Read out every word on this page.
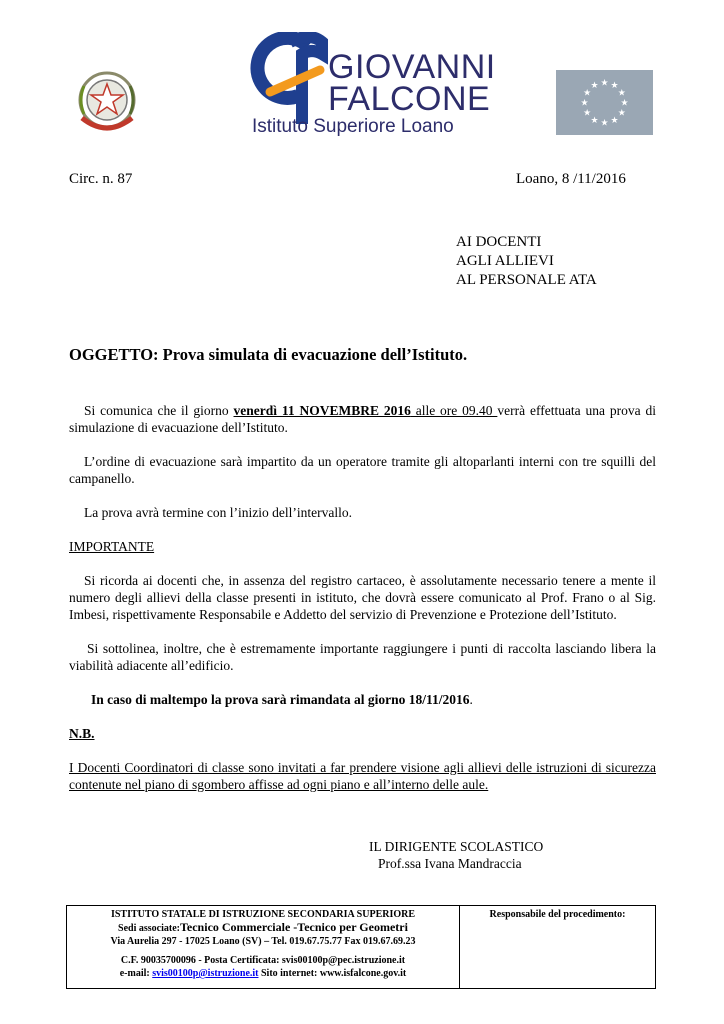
GIOVANNI
FALCONE
Istituto Superiore Loano
★
★
★
★
★
★
★
★
★ ★ ★
★
Circ. n. 87	Loano, 8 /11/2016
AI DOCENTI
AGLI ALLIEVI
AL PERSONALE ATA
OGGETTO: Prova simulata di evacuazione dell’Istituto.

Si comunica che il giorno venerdì 11 NOVEMBRE 2016 alle ore 09.40 verrà effettuata una prova di simulazione di evacuazione dell’Istituto.

L’ordine di evacuazione sarà impartito da un operatore tramite gli altoparlanti interni con tre squilli del campanello.

La prova avrà termine con l’inizio dell’intervallo.

IMPORTANTE

Si ricorda ai docenti che, in assenza del registro cartaceo, è assolutamente necessario tenere a mente il numero degli allievi della classe presenti in istituto, che dovrà essere comunicato al Prof. Frano o al Sig. Imbesi, rispettivamente Responsabile e Addetto del servizio di Prevenzione e Protezione dell’Istituto.

Si sottolinea, inoltre, che è estremamente importante raggiungere i punti di raccolta lasciando libera la viabilità adiacente all’edificio.

In caso di maltempo la prova sarà rimandata al giorno 18/11/2016.

N.B.

I Docenti Coordinatori di classe sono invitati a far prendere visione agli allievi delle istruzioni di sicurezza contenute nel piano di sgombero affisse ad ogni piano e all’interno delle aule.

IL DIRIGENTE SCOLASTICO
Prof.ssa Ivana Mandraccia
ISTITUTO STATALE DI ISTRUZIONE SECONDARIA SUPERIORE
Sedi associate:Tecnico Commerciale -Tecnico per Geometri
Via Aurelia 297 - 17025 Loano (SV) – Tel. 019.67.75.77 Fax 019.67.69.23
C.F. 90035700096 - Posta Certificata: svis00100p@pec.istruzione.it
e-mail: svis00100p@istruzione.it Sito internet: www.isfalcone.gov.it
	Responsabile del procedimento:
